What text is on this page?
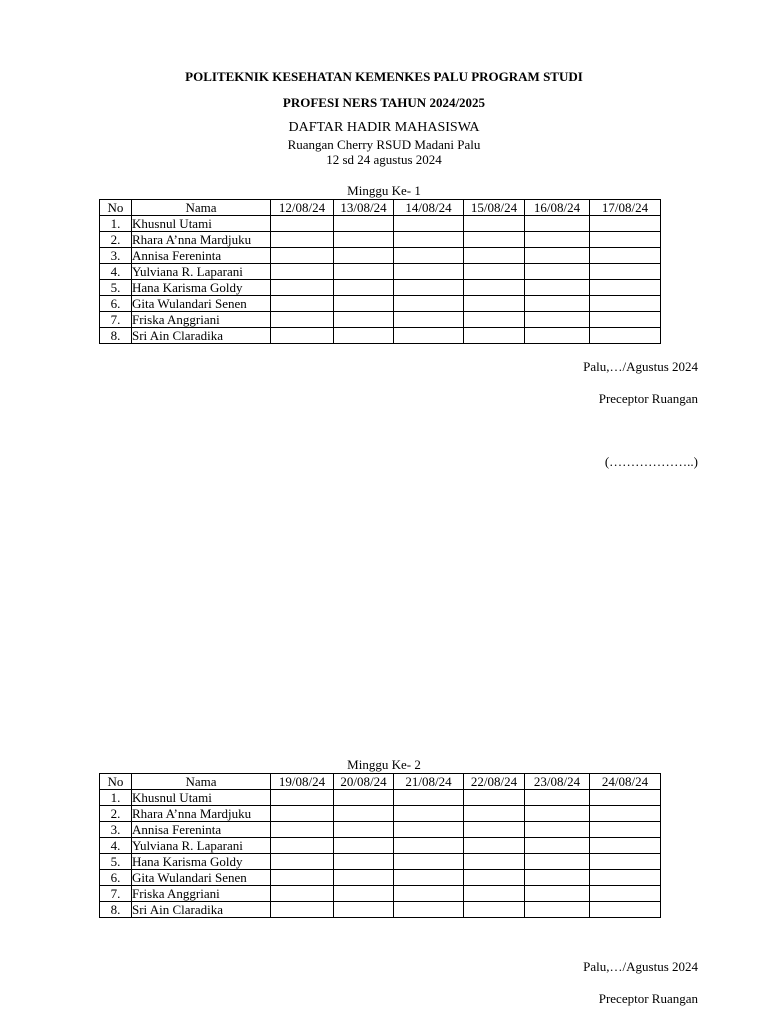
POLITEKNIK KESEHATAN KEMENKES PALU PROGRAM STUDI
PROFESI NERS TAHUN 2024/2025
DAFTAR HADIR MAHASISWA
Ruangan Cherry RSUD Madani Palu
12 sd 24 agustus 2024
Minggu Ke- 1
No	Nama	12/08/24	13/08/24	14/08/24	15/08/24	16/08/24	17/08/24
1.	Khusnul Utami						
2.	Rhara A’nna Mardjuku						
3.	Annisa Fereninta						
4.	Yulviana R. Laparani						
5.	Hana Karisma Goldy						
6.	Gita Wulandari Senen						
7.	Friska Anggriani						
8.	Sri Ain Claradika						
Palu,…/Agustus 2024
Preceptor Ruangan
(………………..)
Minggu Ke- 2
No	Nama	19/08/24	20/08/24	21/08/24	22/08/24	23/08/24	24/08/24
1.	Khusnul Utami						
2.	Rhara A’nna Mardjuku						
3.	Annisa Fereninta						
4.	Yulviana R. Laparani						
5.	Hana Karisma Goldy						
6.	Gita Wulandari Senen						
7.	Friska Anggriani						
8.	Sri Ain Claradika						
Palu,…/Agustus 2024
Preceptor Ruangan
